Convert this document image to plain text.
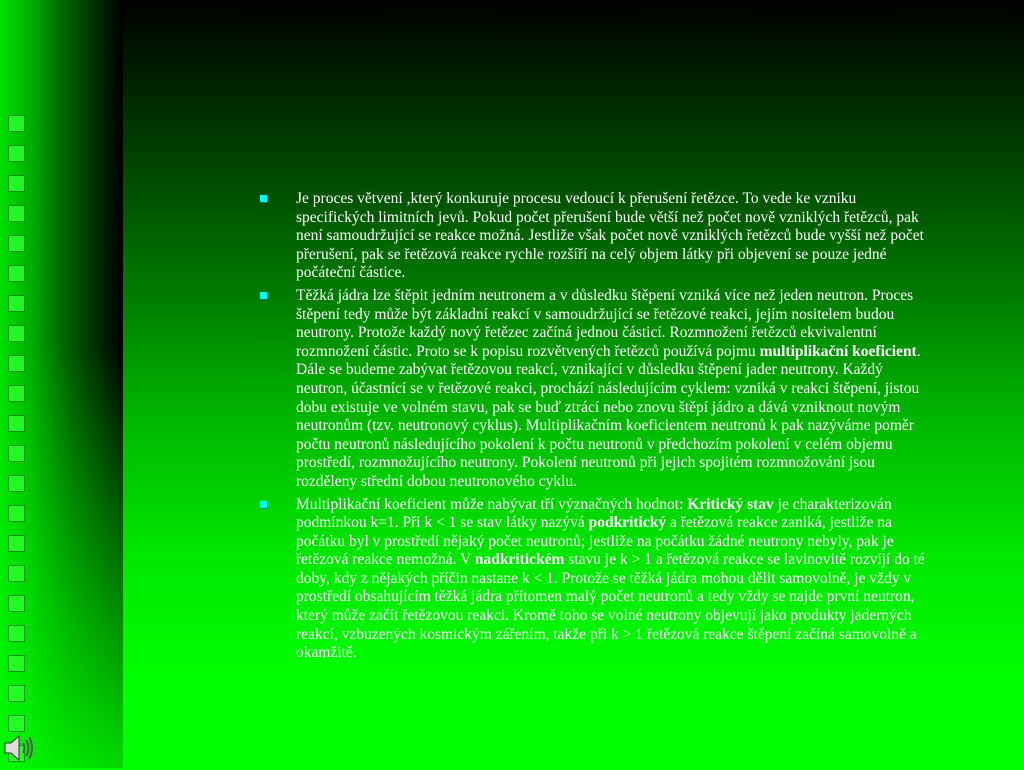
Je proces větvení ,který konkuruje procesu vedoucí k přerušení řetězce. To vede ke vzniku specifických limitních jevů. Pokud počet přerušení bude větší než počet nově vzniklých řetězců, pak není samoudržující se reakce možná. Jestliže však počet nově vzniklých řetězců bude vyšší než počet přerušení, pak se řetězová reakce rychle rozšíří na celý objem látky při objevení se pouze jedné počáteční částice.
Těžká jádra lze štěpit jedním neutronem a v důsledku štěpení vzniká více než jeden neutron. Proces štěpení tedy může být základní reakcí v samoudržující se řetězové reakci, jejím nositelem budou neutrony. Protože každý nový řetězec začíná jednou částicí. Rozmnožení řetězců ekvivalentní rozmnožení částic. Proto se k popisu rozvětvených řetězců používá pojmu multiplikační koeficient. Dále se budeme zabývat řetězovou reakcí, vznikající v důsledku štěpení jader neutrony. Každý neutron, účastnící se v řetězové reakci, prochází následujícím cyklem: vzniká v reakci štěpení, jistou dobu existuje ve volném stavu, pak se buď ztrácí nebo znovu štěpí jádro a dává vzniknout novým neutronům (tzv. neutronový cyklus). Multiplikačním koeficientem neutronů k pak nazýváme poměr počtu neutronů následujícího pokolení k počtu neutronů v předchozím pokolení v celém objemu prostředí, rozmnožujícího neutrony. Pokolení neutronů při jejich spojitém rozmnožování jsou rozděleny střední dobou neutronového cyklu.
Multiplikační koeficient může nabývat tří význačných hodnot: Kritický stav je charakterizován podmínkou k=1. Při k < 1 se stav látky nazývá podkritický a řetězová reakce zaniká, jestliže na počátku byl v prostředí nějaký počet neutronů; jestliže na počátku žádné neutrony nebyly, pak je řetězová reakce nemožná. V nadkritickém stavu je k > 1 a řetězová reakce se lavinovitě rozvíjí do té doby, kdy z nějakých příčin nastane k < 1. Protože se těžká jádra mohou dělit samovolně, je vždy v prostředí obsahujícím těžká jádra přítomen malý počet neutronů a tedy vždy se najde první neutron, který může začít řetězovou reakci. Kromě toho se volné neutrony objevují jako produkty jaderných reakcí, vzbuzených kosmickým zářením, takže při k > 1 řetězová reakce štěpení začíná samovolně a okamžitě.
